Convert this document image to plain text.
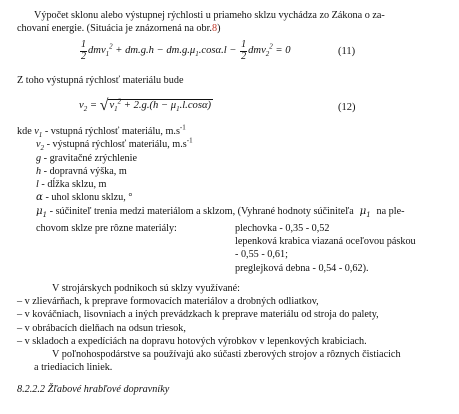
Výpočet sklonu alebo výstupnej rýchlosti u priameho sklzu vychádza zo Zákona o za-
chovaní energie. (Situácia je znázornená na obr.8)
$\frac{1}{2} dmv_1^2 + dm.g.h - dm.g.\mu_1.\cos\alpha.l - \frac{1}{2} dmv_2^2 = 0$	(11)
Z toho výstupná rýchlosť materiálu bude
$v_2 = √v_1^2 + 2.g.(h - \mu_1.l.\cos\alpha)$	(12)
kde $v_1$ - vstupná rýchlosť materiálu, $m.s^{-1}$
$v_2$ - výstupná rýchlosť materiálu, $m.s^{-1}$
g - gravitačné zrýchlenie
h - dopravná výška, m
l - dĺžka sklzu, m
α - uhol sklonu sklzu, °
$\mu_1$ - súčiniteľ trenia medzi materiálom a sklzom, (Vyhrané hodnoty súčiniteľa  $\mu_1$ na ple-
chovom sklze pre rôzne materiály:	plechovka - 0,35 - 0,52
lepenková krabica viazaná oceľovou páskou
- 0,55 - 0,61;
preglejková debna - 0,54 - 0,62).
V strojárskych podnikoch sú sklzy využívané:
– v zlievárňach, k preprave formovacích materiálov a drobných odliatkov,
– v kováčniach, lisovniach a iných prevádzkach k preprave materiálu od stroja do palety,
– v obrábacích dielňach na odsun triesok,
– v skladoch a expedíciách na dopravu hotových výrobkov v lepenkových krabiciach.
V poľnohospodárstve sa používajú ako súčasti zberových strojov a rôznych čistiacich
a triediacich liniek.
8.2.2.2 Žľabové hrabľové dopravníky
